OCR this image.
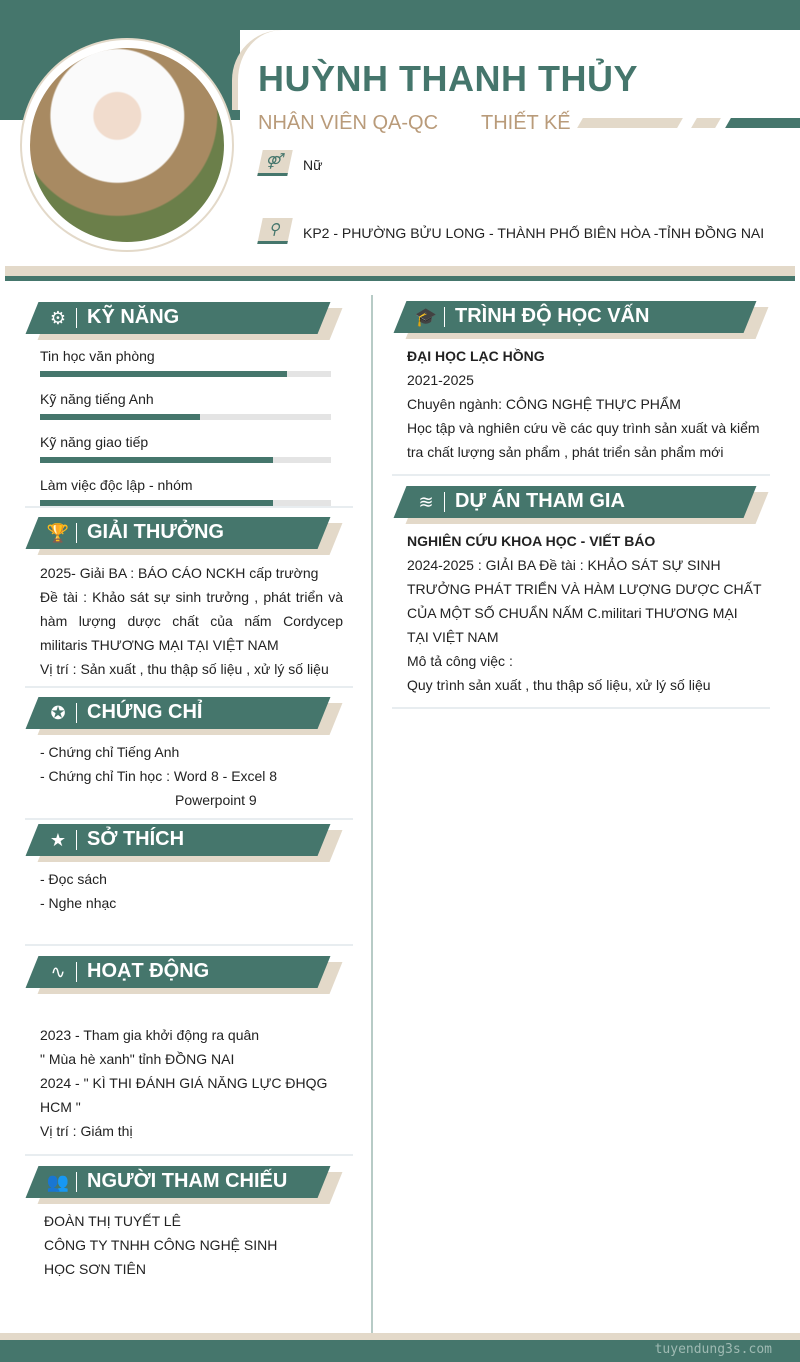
HUỲNH THANH THỦY
NHÂN VIÊN QA-QC THIẾT KẾ
⚤	Nữ
⚲	KP2 - PHƯỜNG BỬU LONG - THÀNH PHỐ BIÊN HÒA -TỈNH ĐỒNG NAI
⚙ KỸ NĂNG
Tin học văn phòng
Kỹ năng tiếng Anh
Kỹ năng giao tiếp
Làm việc độc lập - nhóm
🏆 GIẢI THƯỞNG
2025- Giải BA : BÁO CÁO NCKH cấp trường
Đề tài : Khảo sát sự sinh trưởng , phát triển và hàm lượng dược chất của nấm Cordycep militaris THƯƠNG MẠI TẠI VIỆT NAM
Vị trí : Sản xuất , thu thập số liệu , xử lý số liệu
✪ CHỨNG CHỈ
- Chứng chỉ Tiếng Anh
- Chứng chỉ Tin học : Word 8 - Excel 8
Powerpoint 9
★ SỞ THÍCH
- Đọc sách
- Nghe nhạc
∿ HOẠT ĐỘNG
2023 - Tham gia khởi động ra quân
" Mùa hè xanh" tỉnh ĐỒNG NAI
2024 - " KÌ THI ĐÁNH GIÁ NĂNG LỰC ĐHQG HCM "
Vị trí : Giám thị
👥 NGƯỜI THAM CHIẾU
ĐOÀN THỊ TUYẾT LÊ
CÔNG TY TNHH CÔNG NGHỆ SINH HỌC SƠN TIÊN
🎓 TRÌNH ĐỘ HỌC VẤN
ĐẠI HỌC LẠC HỒNG
2021-2025
Chuyên ngành: CÔNG NGHỆ THỰC PHẨM
Học tập và nghiên cứu về các quy trình sản xuất và kiểm tra chất lượng sản phẩm , phát triển sản phẩm mới
≋ DỰ ÁN THAM GIA
NGHIÊN CỨU KHOA HỌC - VIẾT BÁO
2024-2025 : GIẢI BA Đề tài : KHẢO SÁT SỰ SINH TRƯỞNG PHÁT TRIỂN VÀ HÀM LƯỢNG DƯỢC CHẤT CỦA MỘT SỐ CHUẨN NẤM C.militari THƯƠNG MẠI TẠI VIỆT NAM
Mô tả công việc :
Quy trình sản xuất , thu thập số liệu, xử lý số liệu
tuyendung3s.com
